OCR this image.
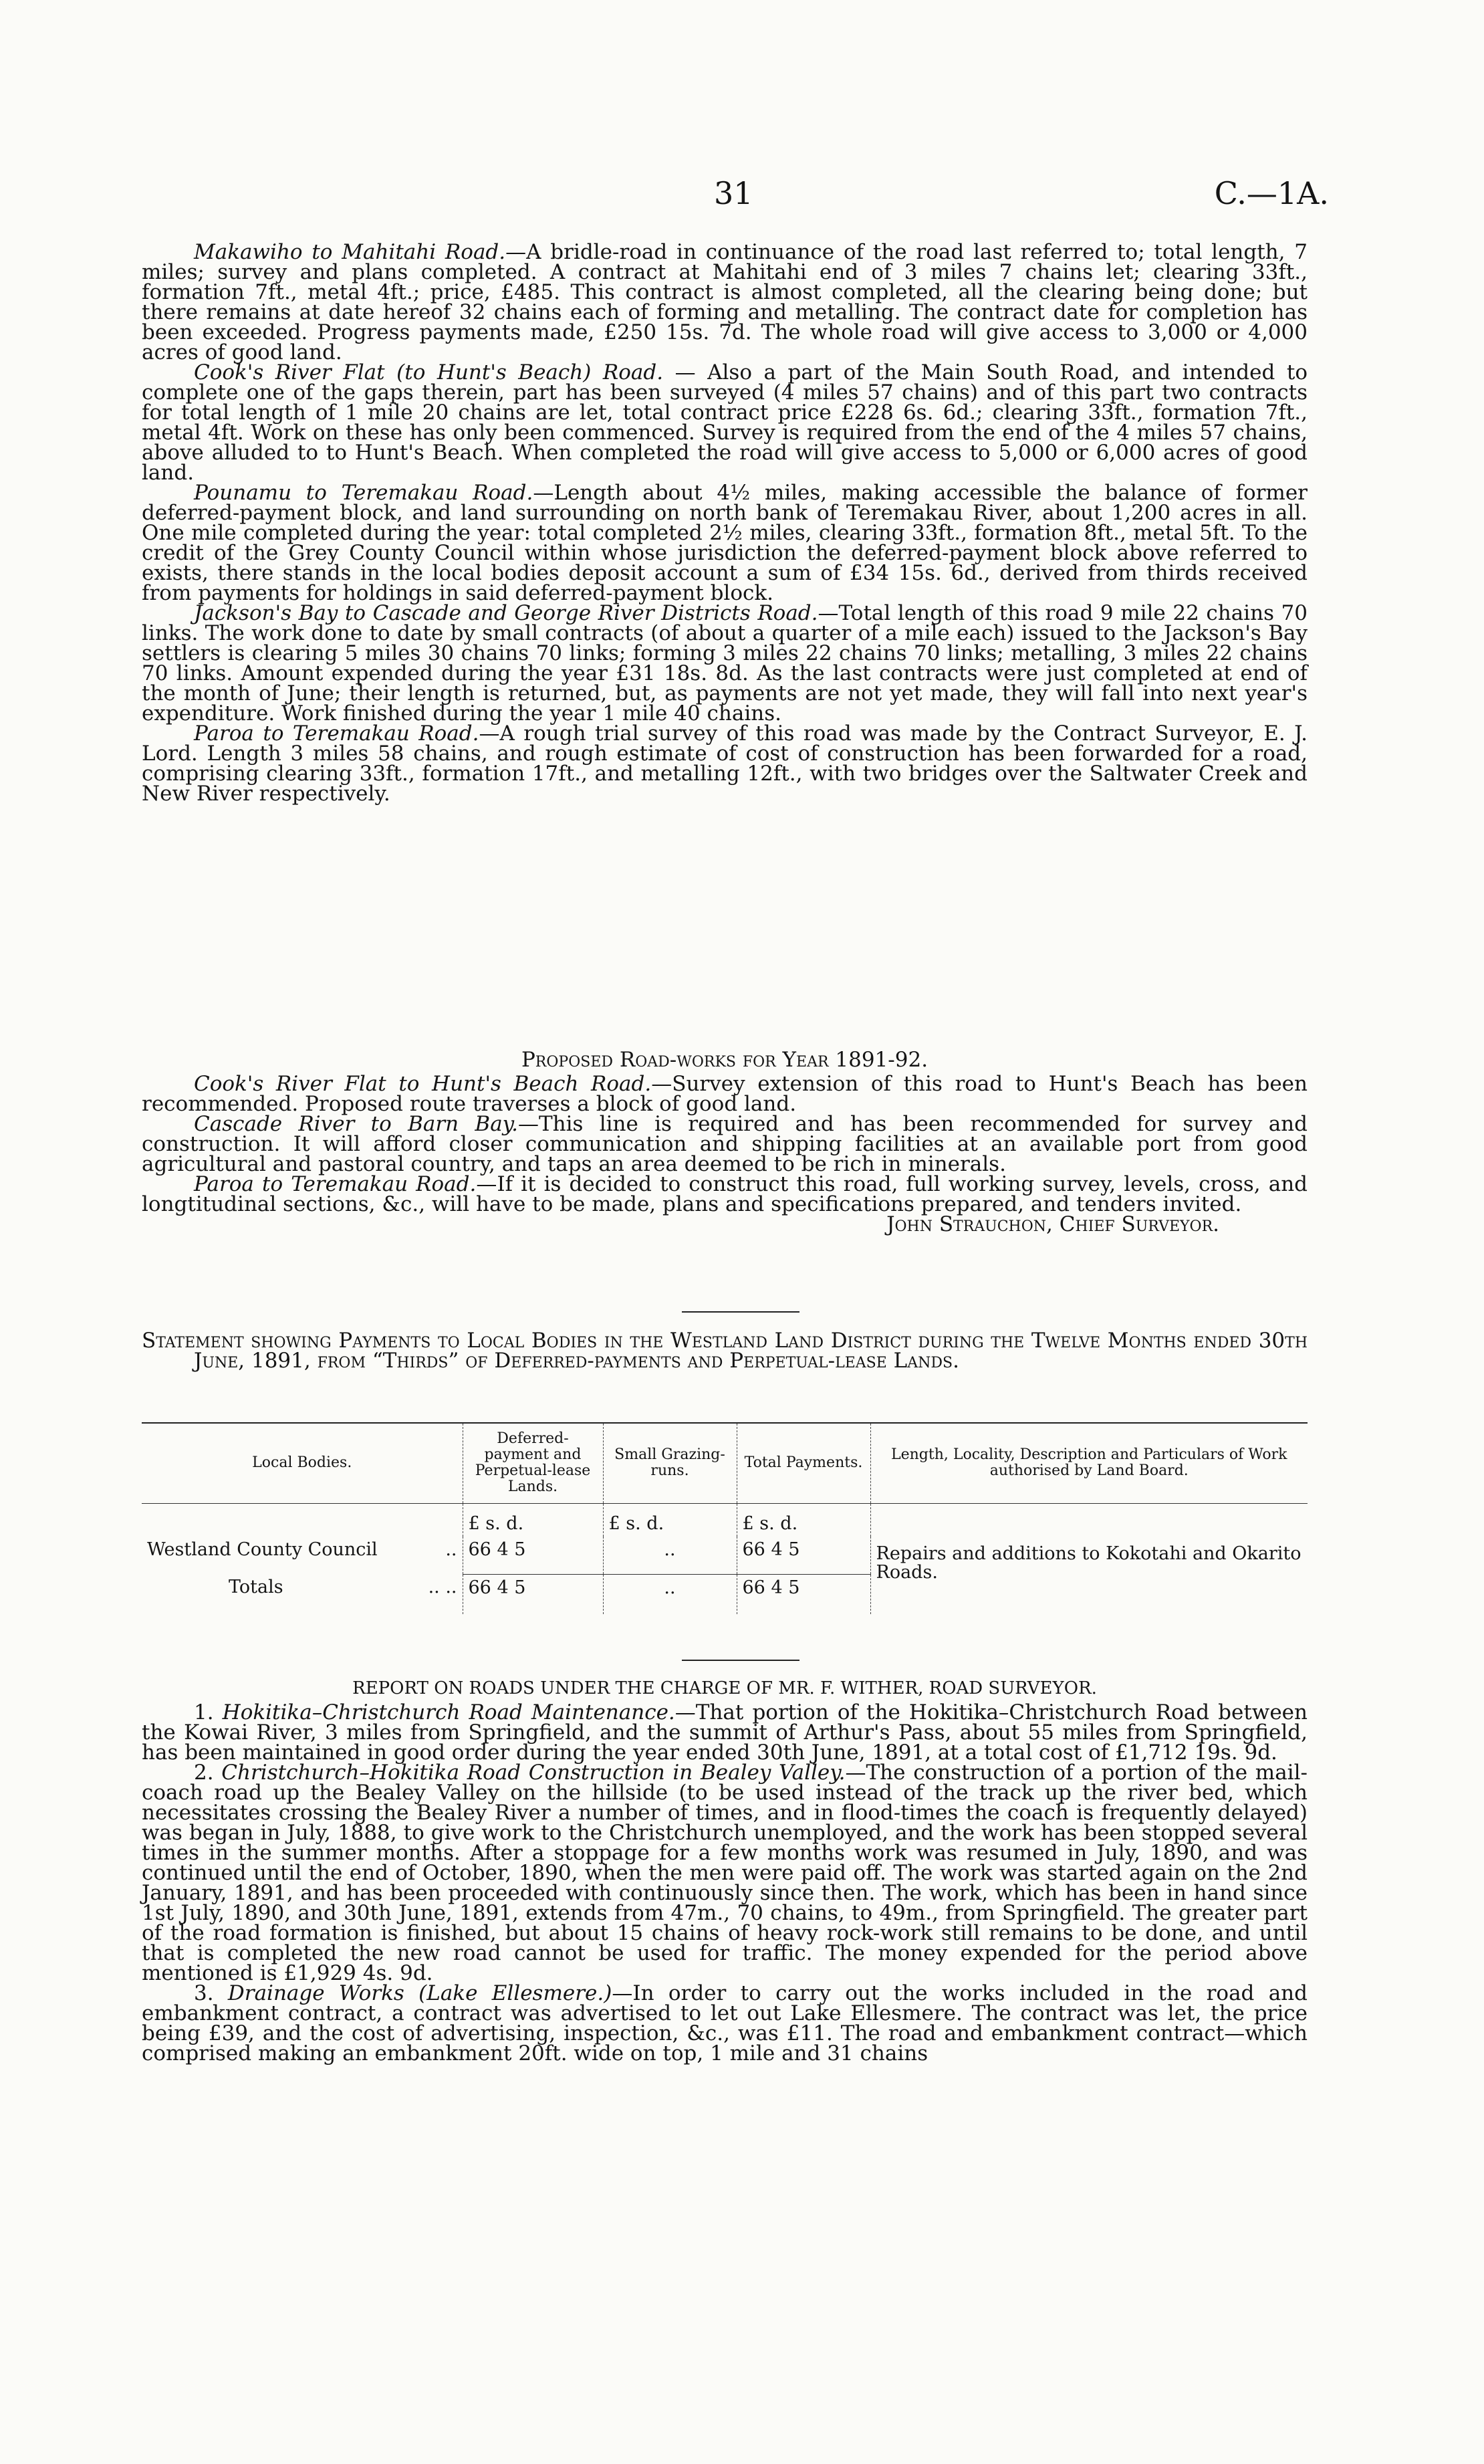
31	C.—1A.

Makawiho to Mahitahi Road.—A bridle-road in continuance of the road last referred to; total length, 7 miles; survey and plans completed. A contract at Mahitahi end of 3 miles 7 chains let; clearing 33ft., formation 7ft., metal 4ft.; price, £485. This contract is almost completed, all the clearing being done; but there remains at date hereof 32 chains each of forming and metalling. The contract date for completion has been exceeded. Progress payments made, £250 15s. 7d. The whole road will give access to 3,000 or 4,000 acres of good land.

Cook's River Flat (to Hunt's Beach) Road. — Also a part of the Main South Road, and intended to complete one of the gaps therein, part has been surveyed (4 miles 57 chains) and of this part two contracts for total length of 1 mile 20 chains are let, total contract price £228 6s. 6d.; clearing 33ft., formation 7ft., metal 4ft. Work on these has only been commenced. Survey is required from the end of the 4 miles 57 chains, above alluded to to Hunt's Beach. When completed the road will give access to 5,000 or 6,000 acres of good land.

Pounamu to Teremakau Road.—Length about 4½ miles, making accessible the balance of former deferred-payment block, and land surrounding on north bank of Teremakau River, about 1,200 acres in all. One mile completed during the year: total completed 2½ miles, clearing 33ft., formation 8ft., metal 5ft. To the credit of the Grey County Council within whose jurisdiction the deferred-payment block above referred to exists, there stands in the local bodies deposit account a sum of £34 15s. 6d., derived from thirds received from payments for holdings in said deferred-payment block.

Jackson's Bay to Cascade and George River Districts Road.—Total length of this road 9 mile 22 chains 70 links. The work done to date by small contracts (of about a quarter of a mile each) issued to the Jackson's Bay settlers is clearing 5 miles 30 chains 70 links; forming 3 miles 22 chains 70 links; metalling, 3 miles 22 chains 70 links. Amount expended during the year £31 18s. 8d. As the last contracts were just completed at end of the month of June; their length is returned, but, as payments are not yet made, they will fall into next year's expenditure. Work finished during the year 1 mile 40 chains.

Paroa to Teremakau Road.—A rough trial survey of this road was made by the Contract Surveyor, E. J. Lord. Length 3 miles 58 chains, and rough estimate of cost of construction has been forwarded for a road, comprising clearing 33ft., formation 17ft., and metalling 12ft., with two bridges over the Saltwater Creek and New River respectively.

Proposed Road-works for Year 1891-92.

Cook's River Flat to Hunt's Beach Road.—Survey extension of this road to Hunt's Beach has been recommended. Proposed route traverses a block of good land.

Cascade River to Barn Bay.—This line is required and has been recommended for survey and construction. It will afford closer communication and shipping facilities at an available port from good agricultural and pastoral country, and taps an area deemed to be rich in minerals.

Paroa to Teremakau Road.—If it is decided to construct this road, full working survey, levels, cross, and longtitudinal sections, &c., will have to be made, plans and specifications prepared, and tenders invited.

John Strauchon, Chief Surveyor.

Statement showing Payments to Local Bodies in the Westland Land District during the Twelve Months ended 30th June, 1891, from “Thirds” of Deferred-payments and Perpetual-lease Lands.

Local Bodies.	Deferred-payment and Perpetual-lease Lands.	Small Grazing-runs.	Total Payments.	Length, Locality, Description and Particulars of Work authorised by Land Board.
	£ s. d.	£ s. d.	£ s. d.	
Westland County Council ..	66 4 5	..	66 4 5	Repairs and additions to Kokotahi and Okarito Roads.
Totals .. ..	66 4 5	..	66 4 5	

REPORT ON ROADS UNDER THE CHARGE OF MR. F. WITHER, ROAD SURVEYOR.

1. Hokitika–Christchurch Road Maintenance.—That portion of the Hokitika–Christchurch Road between the Kowai River, 3 miles from Springfield, and the summit of Arthur's Pass, about 55 miles from Springfield, has been maintained in good order during the year ended 30th June, 1891, at a total cost of £1,712 19s. 9d.

2. Christchurch–Hokitika Road Construction in Bealey Valley.—The construction of a portion of the mail-coach road up the Bealey Valley on the hillside (to be used instead of the track up the river bed, which necessitates crossing the Bealey River a number of times, and in flood-times the coach is frequently delayed) was began in July, 1888, to give work to the Christchurch unemployed, and the work has been stopped several times in the summer months. After a stoppage for a few months work was resumed in July, 1890, and was continued until the end of October, 1890, when the men were paid off. The work was started again on the 2nd January, 1891, and has been proceeded with continuously since then. The work, which has been in hand since 1st July, 1890, and 30th June, 1891, extends from 47m., 70 chains, to 49m., from Springfield. The greater part of the road formation is finished, but about 15 chains of heavy rock-work still remains to be done, and until that is completed the new road cannot be used for traffic. The money expended for the period above mentioned is £1,929 4s. 9d.

3. Drainage Works (Lake Ellesmere.)—In order to carry out the works included in the road and embankment contract, a contract was advertised to let out Lake Ellesmere. The contract was let, the price being £39, and the cost of advertising, inspection, &c., was £11. The road and embankment contract—which comprised making an embankment 20ft. wide on top, 1 mile and 31 chains
